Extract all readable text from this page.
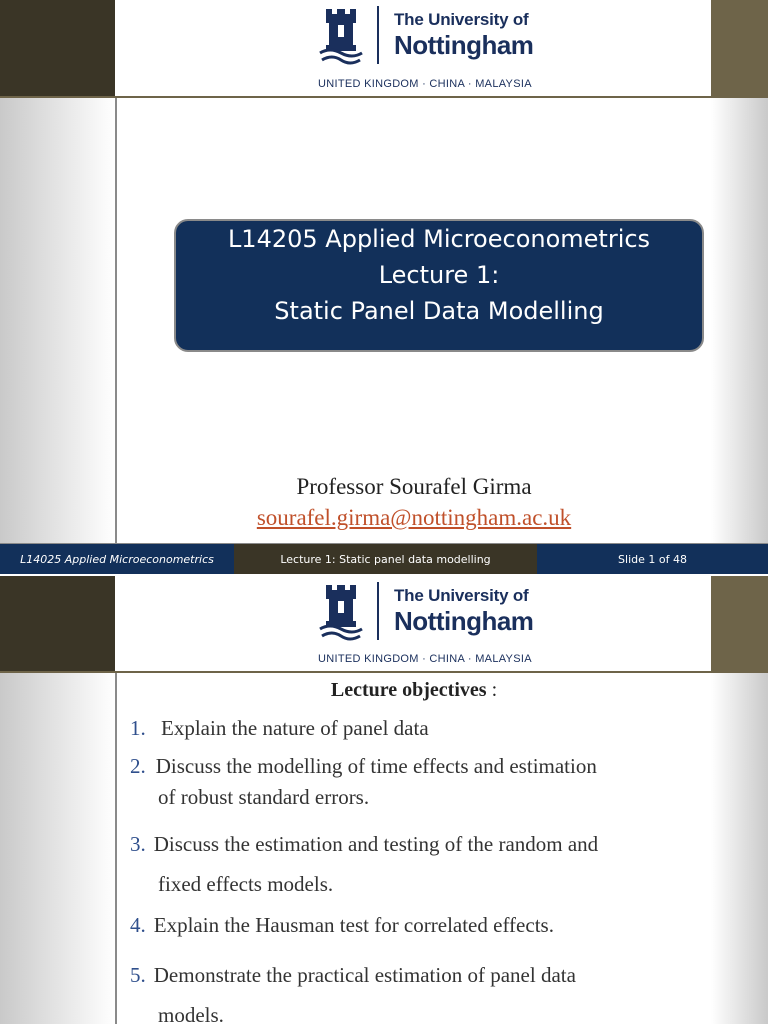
The University of
Nottingham
UNITED KINGDOM · CHINA · MALAYSIA
L14205 Applied Microeconometrics
Lecture 1:
Static Panel Data Modelling
Professor Sourafel Girma
sourafel.girma@nottingham.ac.uk
L14025 Applied Microeconometrics	Lecture 1: Static panel data modelling	Slide 1 of 48
The University of
Nottingham
UNITED KINGDOM · CHINA · MALAYSIA
Lecture objectives :
1. Explain the nature of panel data
2. Discuss the modelling of time effects and estimation
of robust standard errors.
3. Discuss the estimation and testing of the random and
fixed effects models.
4. Explain the Hausman test for correlated effects.
5. Demonstrate the practical estimation of panel data
models.
